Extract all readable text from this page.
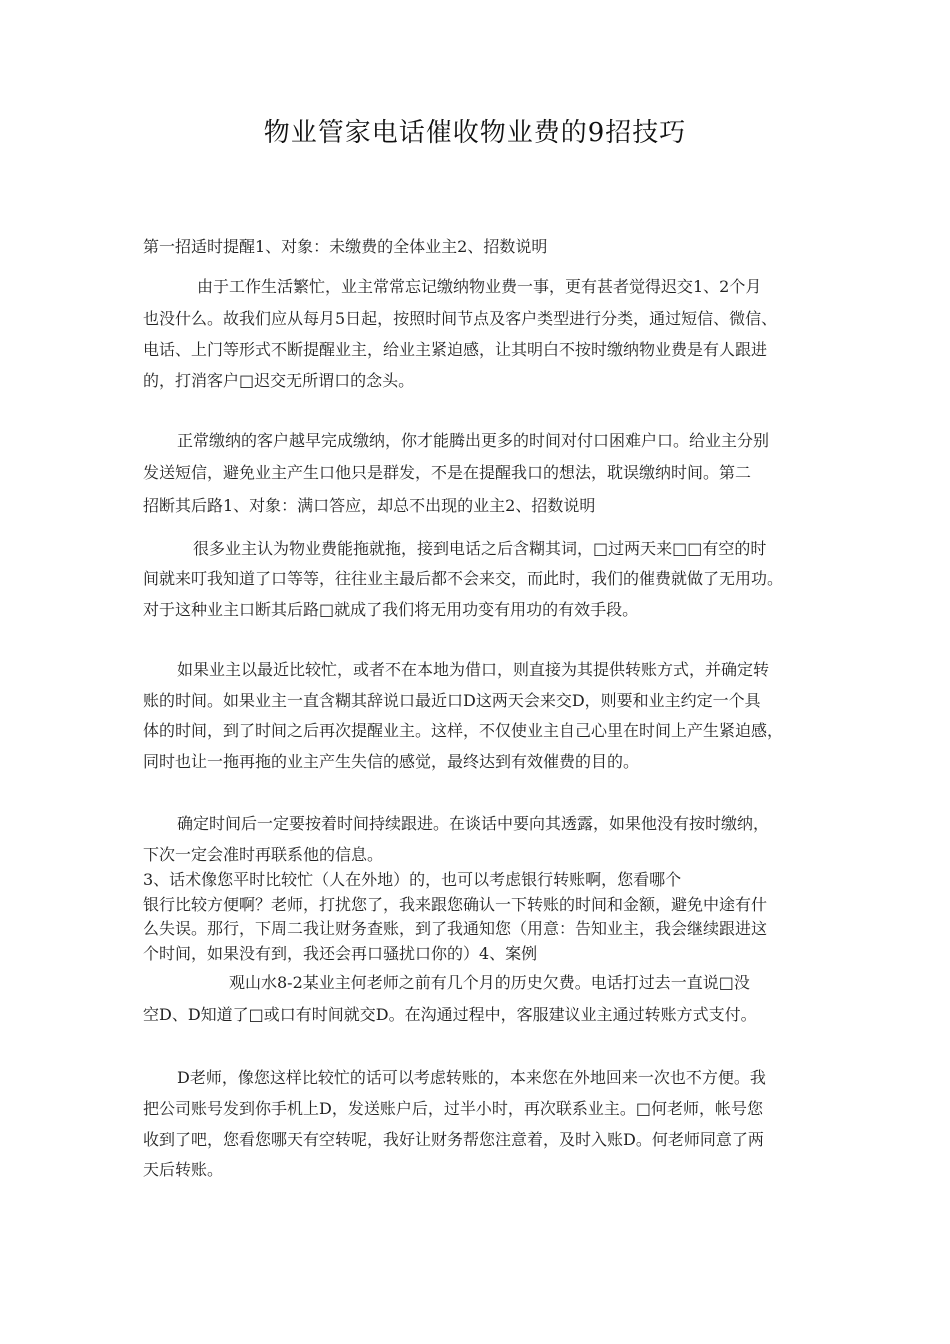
物业管家电话催收物业费的9招技巧
第一招适时提醒1、对象：未缴费的全体业主2、招数说明
由于工作生活繁忙，业主常常忘记缴纳物业费一事，更有甚者觉得迟交1、2个月
也没什么。故我们应从每月5日起，按照时间节点及客户类型进行分类，通过短信、微信、
电话、上门等形式不断提醒业主，给业主紧迫感，让其明白不按时缴纳物业费是有人跟进
的，打消客户□迟交无所谓口的念头。
正常缴纳的客户越早完成缴纳，你才能腾出更多的时间对付口困难户口。给业主分别
发送短信，避免业主产生口他只是群发，不是在提醒我口的想法，耽误缴纳时间。第二
招断其后路1、对象：满口答应，却总不出现的业主2、招数说明
很多业主认为物业费能拖就拖，接到电话之后含糊其词，□过两天来□□有空的时
间就来叮我知道了口等等，往往业主最后都不会来交，而此时，我们的催费就做了无用功。
对于这种业主口断其后路□就成了我们将无用功变有用功的有效手段。
如果业主以最近比较忙，或者不在本地为借口，则直接为其提供转账方式，并确定转
账的时间。如果业主一直含糊其辞说口最近口D这两天会来交D，则要和业主约定一个具
体的时间，到了时间之后再次提醒业主。这样，不仅使业主自己心里在时间上产生紧迫感，
同时也让一拖再拖的业主产生失信的感觉，最终达到有效催费的目的。
确定时间后一定要按着时间持续跟进。在谈话中要向其透露，如果他没有按时缴纳，
下次一定会准时再联系他的信息。
3、话术像您平时比较忙（人在外地）的，也可以考虑银行转账啊，您看哪个
银行比较方便啊？老师，打扰您了，我来跟您确认一下转账的时间和金额，避免中途有什
么失误。那行，下周二我让财务查账，到了我通知您（用意：告知业主，我会继续跟进这
个时间，如果没有到，我还会再口骚扰口你的）4、案例
观山水8-2某业主何老师之前有几个月的历史欠费。电话打过去一直说□没
空D、D知道了□或口有时间就交D。在沟通过程中，客服建议业主通过转账方式支付。
D老师，像您这样比较忙的话可以考虑转账的，本来您在外地回来一次也不方便。我
把公司账号发到你手机上D，发送账户后，过半小时，再次联系业主。□何老师，帐号您
收到了吧，您看您哪天有空转呢，我好让财务帮您注意着，及时入账D。何老师同意了两
天后转账。
